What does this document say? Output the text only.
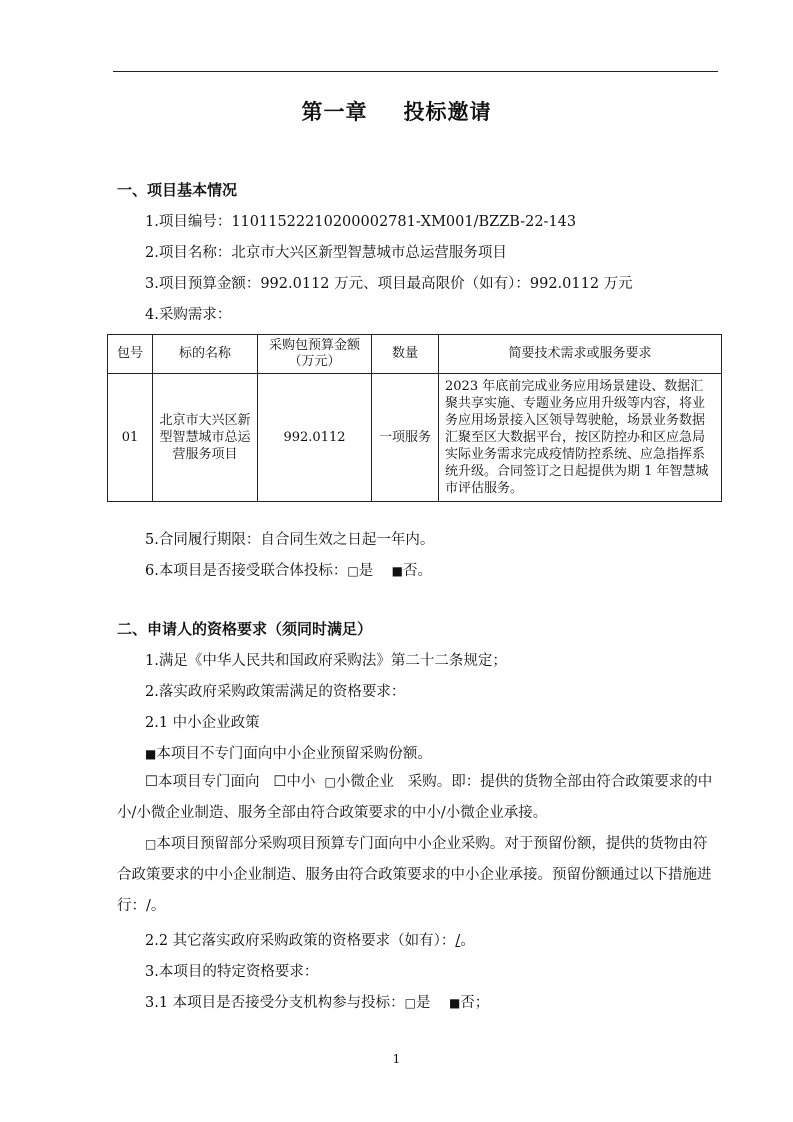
第一章 投标邀请
一、项目基本情况
1.项目编号：11011522210200002781-XM001/BZZB-22-143
2.项目名称：北京市大兴区新型智慧城市总运营服务项目
3.项目预算金额：992.0112 万元、项目最高限价（如有）：992.0112 万元
4.采购需求：
包号	标的名称	采购包预算金额（万元）	数量	简要技术需求或服务要求
01	北京市大兴区新型智慧城市总运营服务项目	992.0112	一项服务	2023 年底前完成业务应用场景建设、数据汇聚共享实施、专题业务应用升级等内容，将业务应用场景接入区领导驾驶舱，场景业务数据汇聚至区大数据平台，按区防控办和区应急局实际业务需求完成疫情防控系统、应急指挥系统升级。合同签订之日起提供为期 1 年智慧城市评估服务。
5.合同履行期限：自合同生效之日起一年内。
6.本项目是否接受联合体投标：□是 ■否。
二、申请人的资格要求（须同时满足）
1.满足《中华人民共和国政府采购法》第二十二条规定；
2.落实政府采购政策需满足的资格要求：
2.1 中小企业政策
■本项目不专门面向中小企业预留采购份额。
☐本项目专门面向 ☐中小 □小微企业 采购。即：提供的货物全部由符合政策要求的中小/小微企业制造、服务全部由符合政策要求的中小/小微企业承接。
□本项目预留部分采购项目预算专门面向中小企业采购。对于预留份额，提供的货物由符合政策要求的中小企业制造、服务由符合政策要求的中小企业承接。预留份额通过以下措施进行：/。
2.2 其它落实政府采购政策的资格要求（如有）：/。
3.本项目的特定资格要求：
3.1 本项目是否接受分支机构参与投标：□是 ■否；
1
